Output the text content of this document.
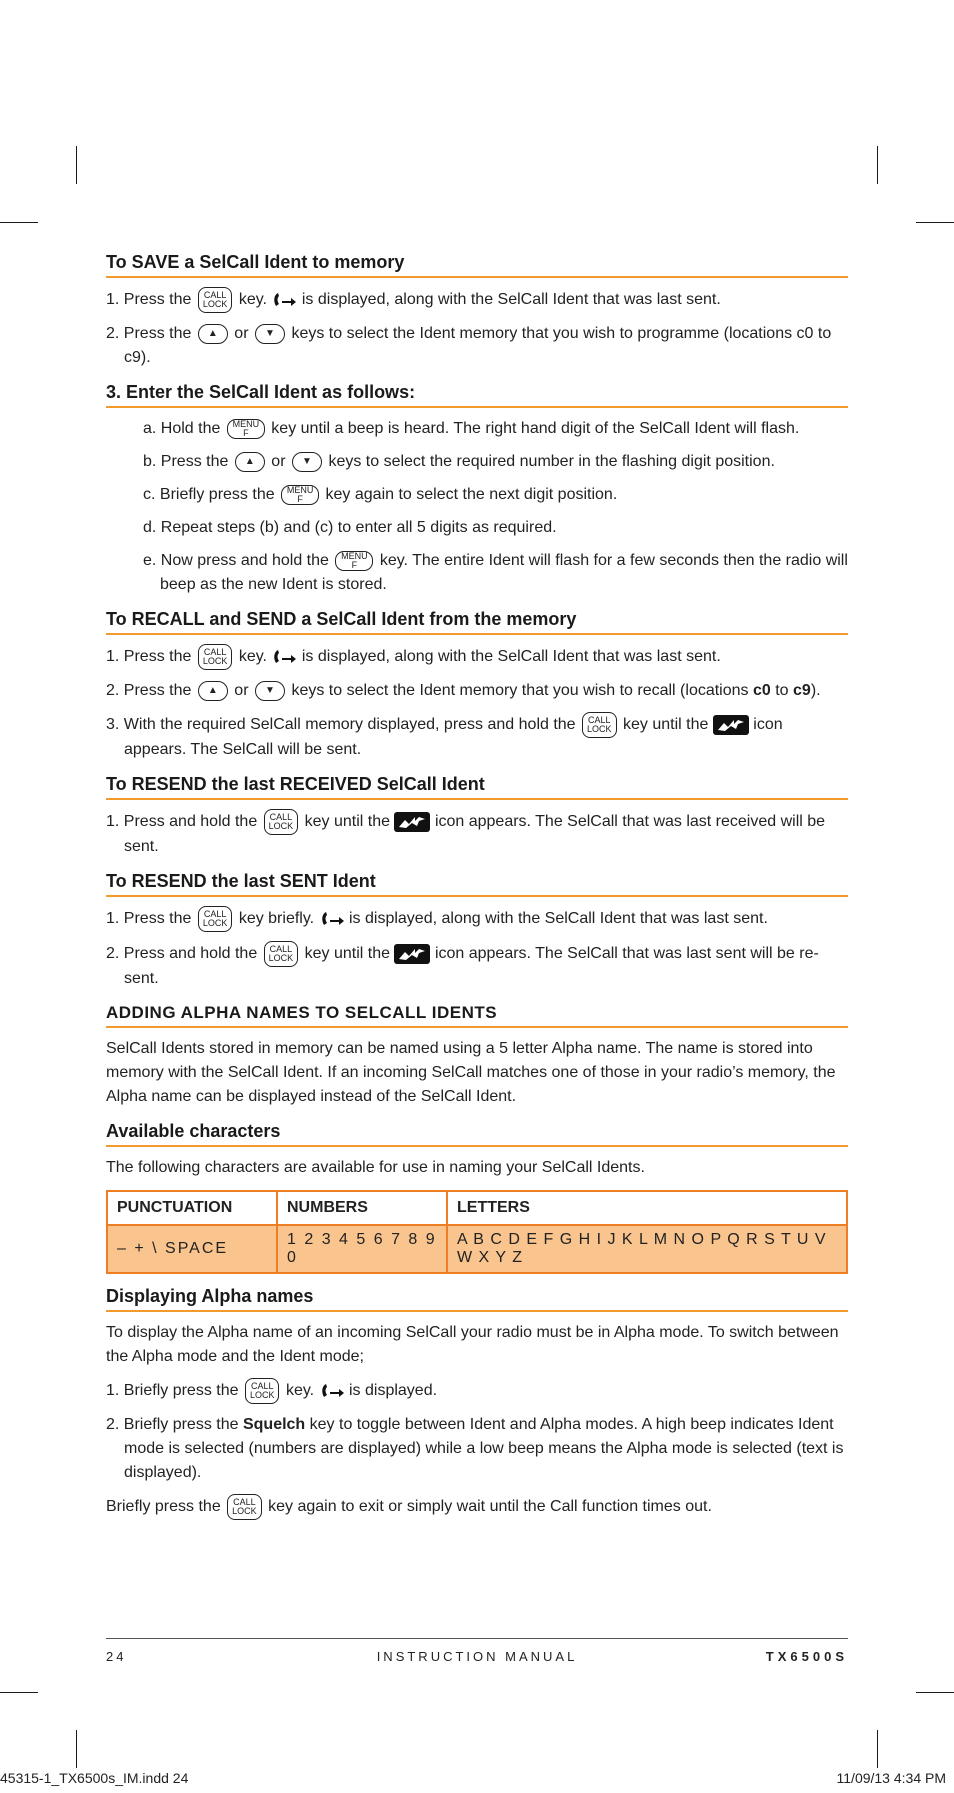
To SAVE a SelCall Ident to memory
1. Press the CALL
LOCK key. is displayed, along with the SelCall Ident that was last sent.
2. Press the ▲ or ▼ keys to select the Ident memory that you wish to programme (locations c0 to c9).
3. Enter the SelCall Ident as follows:
a. Hold the MENU
F key until a beep is heard. The right hand digit of the SelCall Ident will flash.
b. Press the ▲ or ▼ keys to select the required number in the flashing digit position.
c. Briefly press the MENU
F key again to select the next digit position.
d. Repeat steps (b) and (c) to enter all 5 digits as required.
e. Now press and hold the MENU
F key. The entire Ident will flash for a few seconds then the radio will beep as the new Ident is stored.
To RECALL and SEND a SelCall Ident from the memory
1. Press the CALL
LOCK key. is displayed, along with the SelCall Ident that was last sent.
2. Press the ▲ or ▼ keys to select the Ident memory that you wish to recall (locations c0 to c9).
3. With the required SelCall memory displayed, press and hold the CALL
LOCK key until the	icon appears. The SelCall will be sent.
To RESEND the last RECEIVED SelCall Ident
1. Press and hold the CALL
LOCK key until the	icon appears. The SelCall that was last received will be sent.
To RESEND the last SENT Ident
1. Press the CALL
LOCK key briefly. is displayed, along with the SelCall Ident that was last sent.
2. Press and hold the CALL
LOCK key until the	icon appears. The SelCall that was last sent will be re-sent.
ADDING ALPHA NAMES TO SELCALL IDENTS
SelCall Idents stored in memory can be named using a 5 letter Alpha name. The name is stored into memory with the SelCall Ident. If an incoming SelCall matches one of those in your radio’s memory, the Alpha name can be displayed instead of the SelCall Ident.
Available characters
The following characters are available for use in naming your SelCall Idents.
PUNCTUATION	NUMBERS	LETTERS
– + \ SPACE	1 2 3 4 5 6 7 8 9 0	A B C D E F G H I J K L M N O P Q R S T U V W X Y Z
Displaying Alpha names
To display the Alpha name of an incoming SelCall your radio must be in Alpha mode. To switch between the Alpha mode and the Ident mode;
1. Briefly press the CALL
LOCK key. is displayed.
2. Briefly press the Squelch key to toggle between Ident and Alpha modes. A high beep indicates Ident mode is selected (numbers are displayed) while a low beep means the Alpha mode is selected (text is displayed).
Briefly press the CALL
LOCK key again to exit or simply wait until the Call function times out.
24	INSTRUCTION MANUAL	TX6500S
45315-1_TX6500s_IM.indd 24	11/09/13 4:34 PM
